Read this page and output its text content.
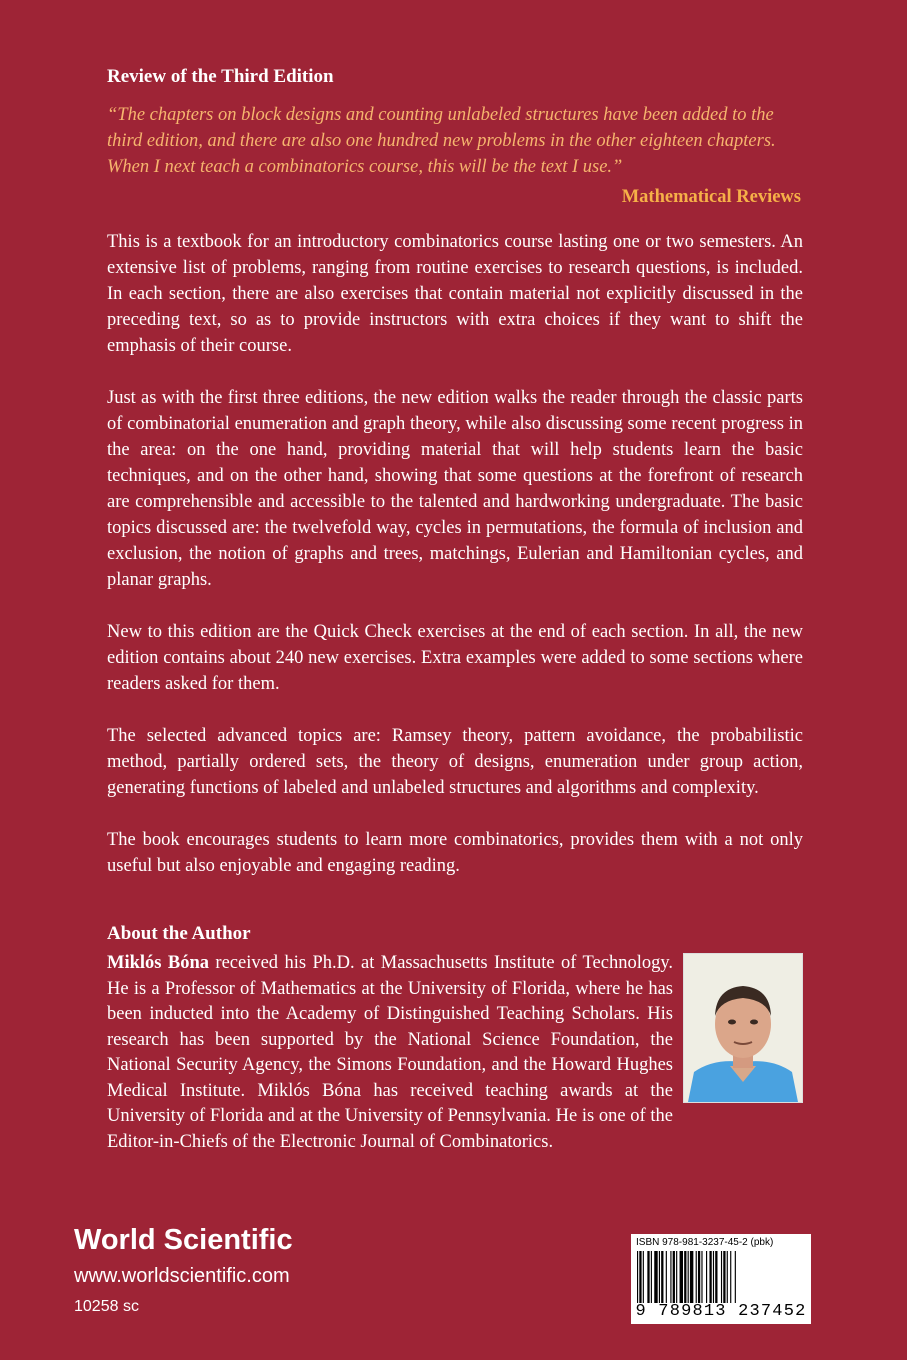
Review of the Third Edition
“The chapters on block designs and counting unlabeled structures have been added to the third edition, and there are also one hundred new problems in the other eighteen chapters. When I next teach a combinatorics course, this will be the text I use.”
Mathematical Reviews

This is a textbook for an introductory combinatorics course lasting one or two semesters. An extensive list of problems, ranging from routine exercises to research questions, is included. In each section, there are also exercises that contain material not explicitly discussed in the preceding text, so as to provide instructors with extra choices if they want to shift the emphasis of their course.

Just as with the first three editions, the new edition walks the reader through the classic parts of combinatorial enumeration and graph theory, while also discussing some recent progress in the area: on the one hand, providing material that will help students learn the basic techniques, and on the other hand, showing that some questions at the forefront of research are comprehensible and accessible to the talented and hardworking undergraduate. The basic topics discussed are: the twelvefold way, cycles in permutations, the formula of inclusion and exclusion, the notion of graphs and trees, matchings, Eulerian and Hamiltonian cycles, and planar graphs.

New to this edition are the Quick Check exercises at the end of each section. In all, the new edition contains about 240 new exercises. Extra examples were added to some sections where readers asked for them.

The selected advanced topics are: Ramsey theory, pattern avoidance, the probabilistic method, partially ordered sets, the theory of designs, enumeration under group action, generating functions of labeled and unlabeled structures and algorithms and complexity.

The book encourages students to learn more combinatorics, provides them with a not only useful but also enjoyable and engaging reading.

About the Author

Miklós Bóna received his Ph.D. at Massachusetts Institute of Technology. He is a Professor of Mathematics at the University of Florida, where he has been inducted into the Academy of Distinguished Teaching Scholars. His research has been supported by the National Science Foundation, the National Security Agency, the Simons Foundation, and the Howard Hughes Medical Institute. Miklós Bóna has received teaching awards at the University of Florida and at the University of Pennsylvania. He is one of the Editor-in-Chiefs of the Electronic Journal of Combinatorics.

World Scientific
www.worldscientific.com
10258 sc
ISBN 978-981-3237-45-2 (pbk)
9 789813 237452
